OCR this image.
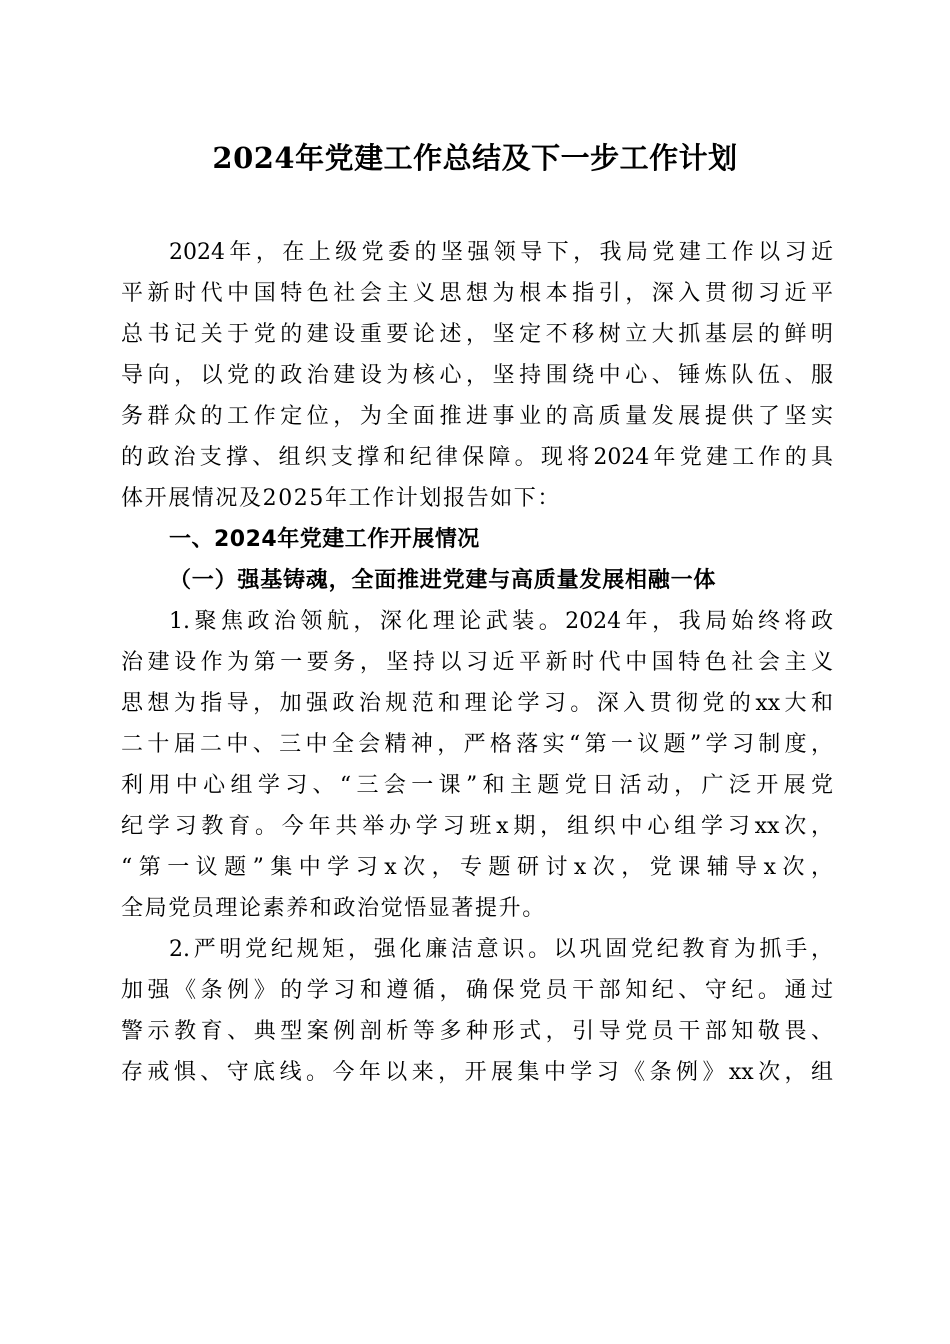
2024年党建工作总结及下一步工作计划
2024年，在上级党委的坚强领导下，我局党建工作以习近
平新时代中国特色社会主义思想为根本指引，深入贯彻习近平
总书记关于党的建设重要论述，坚定不移树立大抓基层的鲜明
导向，以党的政治建设为核心，坚持围绕中心、锤炼队伍、服
务群众的工作定位，为全面推进事业的高质量发展提供了坚实
的政治支撑、组织支撑和纪律保障。现将2024年党建工作的具
体开展情况及2025年工作计划报告如下：
一、2024年党建工作开展情况
（一）强基铸魂，全面推进党建与高质量发展相融一体
1.聚焦政治领航，深化理论武装。2024年，我局始终将政
治建设作为第一要务，坚持以习近平新时代中国特色社会主义
思想为指导，加强政治规范和理论学习。深入贯彻党的xx大和
二十届二中、三中全会精神，严格落实“第一议题”学习制度，
利用中心组学习、“三会一课”和主题党日活动，广泛开展党
纪学习教育。今年共举办学习班x期，组织中心组学习xx次，
“第一议题”集中学习x次，专题研讨x次，党课辅导x次，
全局党员理论素养和政治觉悟显著提升。
2.严明党纪规矩，强化廉洁意识。以巩固党纪教育为抓手，
加强《条例》的学习和遵循，确保党员干部知纪、守纪。通过
警示教育、典型案例剖析等多种形式，引导党员干部知敬畏、
存戒惧、守底线。今年以来，开展集中学习《条例》xx次，组
